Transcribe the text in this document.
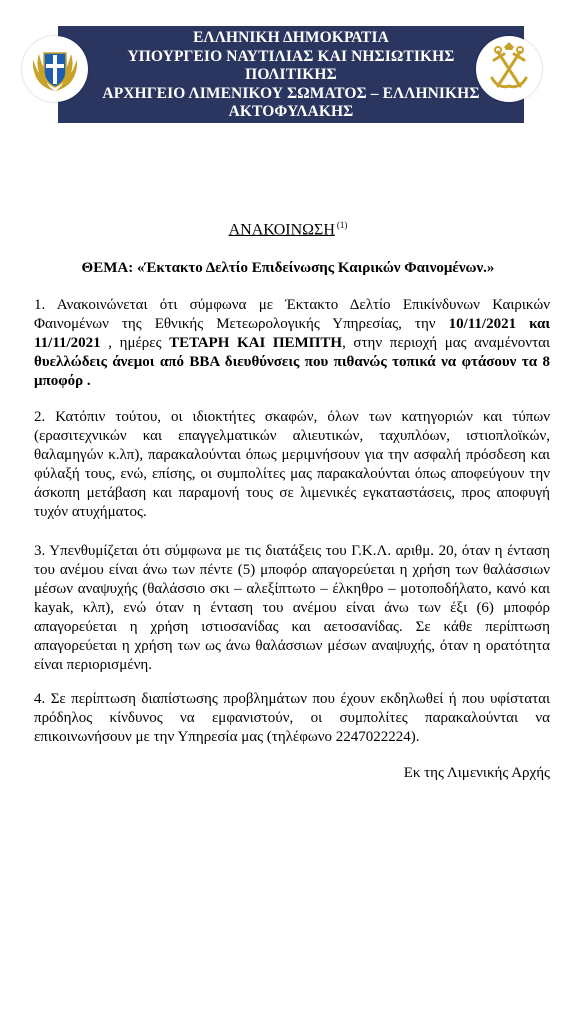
ΕΛΛΗΝΙΚΗ ΔΗΜΟΚΡΑΤΙΑ
ΥΠΟΥΡΓΕΙΟ ΝΑΥΤΙΛΙΑΣ ΚΑΙ ΝΗΣΙΩΤΙΚΗΣ
ΠΟΛΙΤΙΚΗΣ
ΑΡΧΗΓΕΙΟ ΛΙΜΕΝΙΚΟΥ ΣΩΜΑΤΟΣ – ΕΛΛΗΝΙΚΗΣ
ΑΚΤΟΦΥΛΑΚΗΣ
ΑΝΑΚΟΙΝΩΣΗ $^{(1)}$
ΘΕΜΑ: «Έκτακτο Δελτίο Επιδείνωσης Καιρικών Φαινομένων.»
1. Ανακοινώνεται ότι σύμφωνα με Έκτακτο Δελτίο Επικίνδυνων Καιρικών Φαινομένων της Εθνικής Μετεωρολογικής Υπηρεσίας, την 10/11/2021 και 11/11/2021 , ημέρες ΤΕΤΑΡΗ ΚΑΙ ΠΕΜΠΤΗ, στην περιοχή μας αναμένονται θυελλώδεις άνεμοι από ΒΒΑ διευθύνσεις που πιθανώς τοπικά να φτάσουν τα 8 μποφόρ .
2. Κατόπιν τούτου, οι ιδιοκτήτες σκαφών, όλων των κατηγοριών και τύπων (ερασιτεχνικών και επαγγελματικών αλιευτικών, ταχυπλόων, ιστιοπλοϊκών, θαλαμηγών κ.λπ), παρακαλούνται όπως μεριμνήσουν για την ασφαλή πρόσδεση και φύλαξή τους, ενώ, επίσης, οι συμπολίτες μας παρακαλούνται όπως αποφεύγουν την άσκοπη μετάβαση και παραμονή τους σε λιμενικές εγκαταστάσεις, προς αποφυγή τυχόν ατυχήματος.
3. Υπενθυμίζεται ότι σύμφωνα με τις διατάξεις του Γ.Κ.Λ. αριθμ. 20, όταν η ένταση του ανέμου είναι άνω των πέντε (5) μποφόρ απαγορεύεται η χρήση των θαλάσσιων μέσων αναψυχής (θαλάσσιο σκι – αλεξίπτωτο – έλκηθρο – μοτοποδήλατο, κανό και kayak, κλπ), ενώ όταν η ένταση του ανέμου είναι άνω των έξι (6) μποφόρ απαγορεύεται η χρήση ιστιοσανίδας και αετοσανίδας. Σε κάθε περίπτωση απαγορεύεται η χρήση των ως άνω θαλάσσιων μέσων αναψυχής, όταν η ορατότητα είναι περιορισμένη.
4. Σε περίπτωση διαπίστωσης προβλημάτων που έχουν εκδηλωθεί ή που υφίσταται πρόδηλος κίνδυνος να εμφανιστούν, οι συμπολίτες παρακαλούνται να επικοινωνήσουν με την Υπηρεσία μας (τηλέφωνο 2247022224).
Εκ της Λιμενικής Αρχής
